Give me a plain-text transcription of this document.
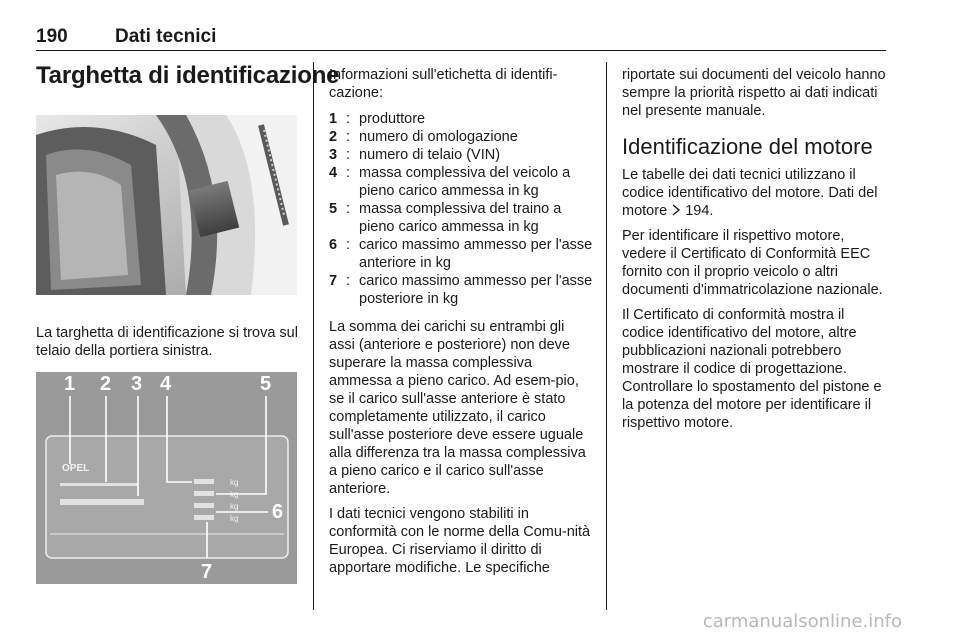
190 Dati tecnici
Targhetta di identificazione

La targhetta di identificazione si trova sul telaio della portiera sinistra.

OPEL
kg
kg
kg
kg
1 2 3 4	5
6
7

Informazioni sull'etichetta di identifi-cazione:

1 : produttore
2 : numero di omologazione
3 : numero di telaio (VIN)
4 : massa complessiva del veicolo a pieno carico ammessa in kg
5 : massa complessiva del traino a pieno carico ammessa in kg
6 : carico massimo ammesso per l'asse anteriore in kg
7 : carico massimo ammesso per l'asse posteriore in kg

La somma dei carichi su entrambi gli assi (anteriore e posteriore) non deve superare la massa complessiva ammessa a pieno carico. Ad esem-pio, se il carico sull'asse anteriore è stato completamente utilizzato, il carico sull'asse posteriore deve essere uguale alla differenza tra la massa complessiva a pieno carico e il carico sull'asse anteriore.

I dati tecnici vengono stabiliti in conformità con le norme della Comu-nità Europea. Ci riserviamo il diritto di apportare modifiche. Le specifiche

riportate sui documenti del veicolo hanno sempre la priorità rispetto ai dati indicati nel presente manuale.

Identificazione del motore

Le tabelle dei dati tecnici utilizzano il codice identificativo del motore. Dati del motore 194.

Per identificare il rispettivo motore, vedere il Certificato di Conformità EEC fornito con il proprio veicolo o altri documenti d'immatricolazione nazionale.

Il Certificato di conformità mostra il codice identificativo del motore, altre pubblicazioni nazionali potrebbero mostrare il codice di progettazione. Controllare lo spostamento del pistone e la potenza del motore per identificare il rispettivo motore.

carmanualsonline.info
